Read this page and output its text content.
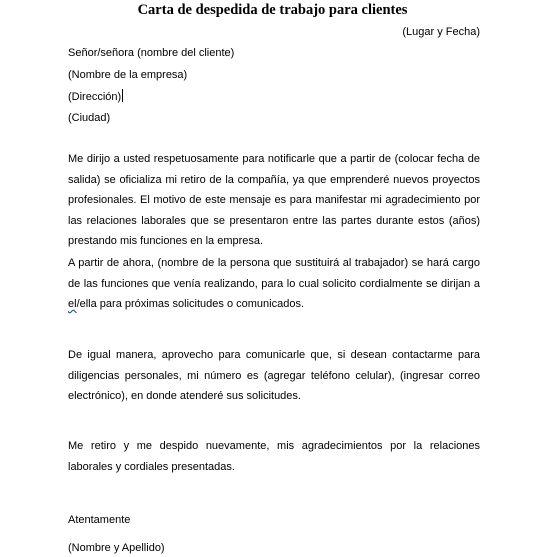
Carta de despedida de trabajo para clientes
(Lugar y Fecha)
Señor/señora (nombre del cliente)
(Nombre de la empresa)
(Dirección)
(Ciudad)
Me dirijo a usted respetuosamente para notificarle que a partir de (colocar fecha de salida) se oficializa mi retiro de la compañía, ya que emprenderé nuevos proyectos profesionales. El motivo de este mensaje es para manifestar mi agradecimiento por las relaciones laborales que se presentaron entre las partes durante estos (años) prestando mis funciones en la empresa.
A partir de ahora, (nombre de la persona que sustituirá al trabajador) se hará cargo de las funciones que venía realizando, para lo cual solicito cordialmente se dirijan a el/ella para próximas solicitudes o comunicados.
De igual manera, aprovecho para comunicarle que, si desean contactarme para diligencias personales, mi número es (agregar teléfono celular), (ingresar correo electrónico), en donde atenderé sus solicitudes.
Me retiro y me despido nuevamente, mis agradecimientos por la relaciones laborales y cordiales presentadas.
Atentamente
(Nombre y Apellido)
